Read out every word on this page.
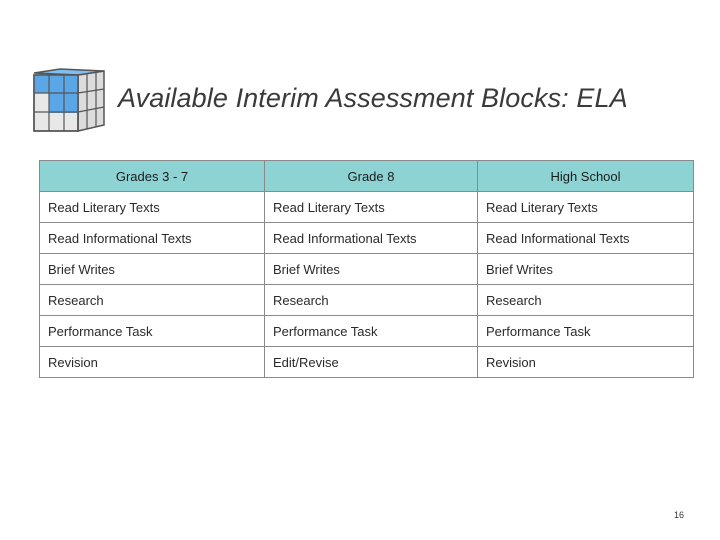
Available Interim Assessment Blocks: ELA
Grades 3 - 7	Grade 8	High School
Read Literary Texts	Read Literary Texts	Read Literary Texts
Read Informational Texts	Read Informational Texts	Read Informational Texts
Brief Writes	Brief Writes	Brief Writes
Research	Research	Research
Performance Task	Performance Task	Performance Task
Revision	Edit/Revise	Revision
16
